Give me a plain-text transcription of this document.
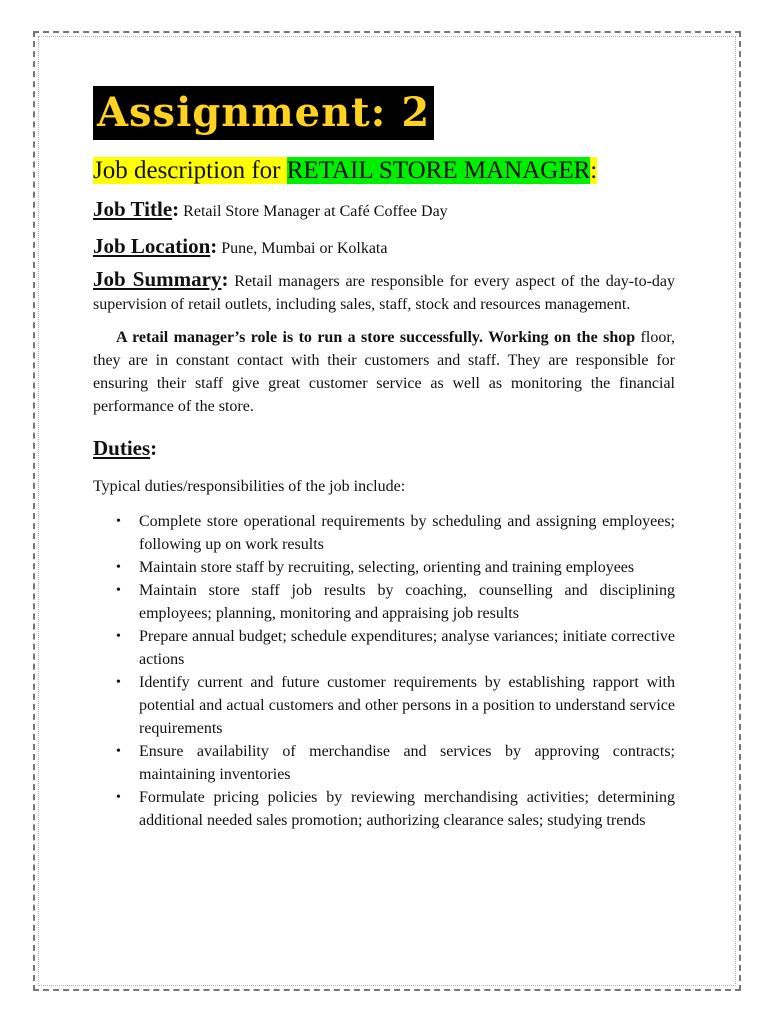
Assignment: 2
Job description for RETAIL STORE MANAGER:
Job Title: Retail Store Manager at Café Coffee Day
Job Location: Pune, Mumbai or Kolkata
Job Summary: Retail managers are responsible for every aspect of the day-to-day supervision of retail outlets, including sales, staff, stock and resources management.
A retail manager’s role is to run a store successfully. Working on the shop floor, they are in constant contact with their customers and staff. They are responsible for ensuring their staff give great customer service as well as monitoring the financial performance of the store.
Duties:
Typical duties/responsibilities of the job include:
• Complete store operational requirements by scheduling and assigning employees; following up on work results
• Maintain store staff by recruiting, selecting, orienting and training employees
• Maintain store staff job results by coaching, counselling and disciplining employees; planning, monitoring and appraising job results
• Prepare annual budget; schedule expenditures; analyse variances; initiate corrective actions
• Identify current and future customer requirements by establishing rapport with potential and actual customers and other persons in a position to understand service requirements
• Ensure availability of merchandise and services by approving contracts; maintaining inventories
• Formulate pricing policies by reviewing merchandising activities; determining additional needed sales promotion; authorizing clearance sales; studying trends
